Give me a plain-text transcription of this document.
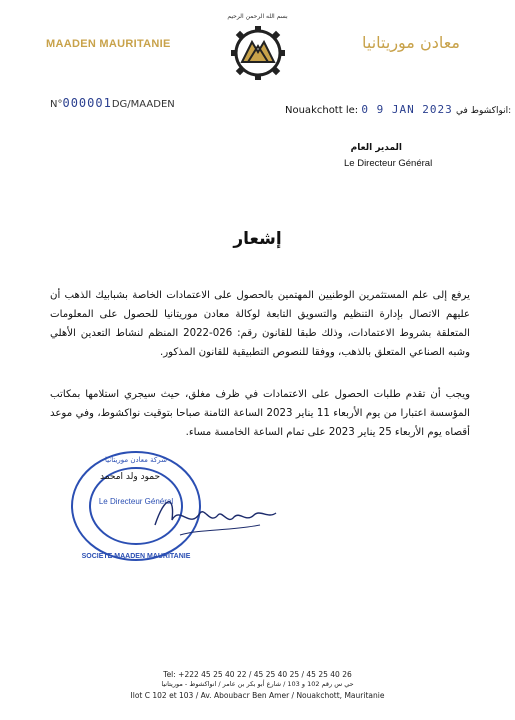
بسم الله الرحمن الرحيم
MAADEN MAURITANIE	معادن موريتانيا
N°000001DG/MAADEN
Nouakchott le: 0 9 JAN 2023 انواكشوط في:
المدير العام
Le Directeur Général
إشعار
يرفع إلى علم المستثمرين الوطنيين المهتمين بالحصول على الاعتمادات الخاصة بشبابيك الذهب أن عليهم الاتصال بإدارة التنظيم والتسويق التابعة لوكالة معادن موريتانيا للحصول على المعلومات المتعلقة بشروط الاعتمادات، وذلك طبقا للقانون رقم: 026-2022 المنظم لنشاط التعدين الأهلي وشبه الصناعي المتعلق بالذهب، ووفقا للنصوص التطبيقية للقانون المذكور.
ويجب أن تقدم طلبات الحصول على الاعتمادات في ظرف مغلق، حيث سيجري استلامها بمكاتب المؤسسة اعتبارا من يوم الأربعاء 11 يناير 2023 الساعة الثامنة صباحا بتوقيت نواكشوط، وفي موعد أقصاه يوم الأربعاء 25 يناير 2023 على تمام الساعة الخامسة مساء.
Le Directeur Général
SOCIETE MAADEN MAURITANIE
شركة معادن موريتانيا
حمود ولد امحمد
Tel: +222 45 25 40 22 / 45 25 40 25 / 45 25 40 26
حي س رقم 102 و 103 / شارع أبو بكر بن عامر / انواكشوط - موريتانيا
Ilot C 102 et 103 / Av. Aboubacr Ben Amer / Nouakchott, Mauritanie
